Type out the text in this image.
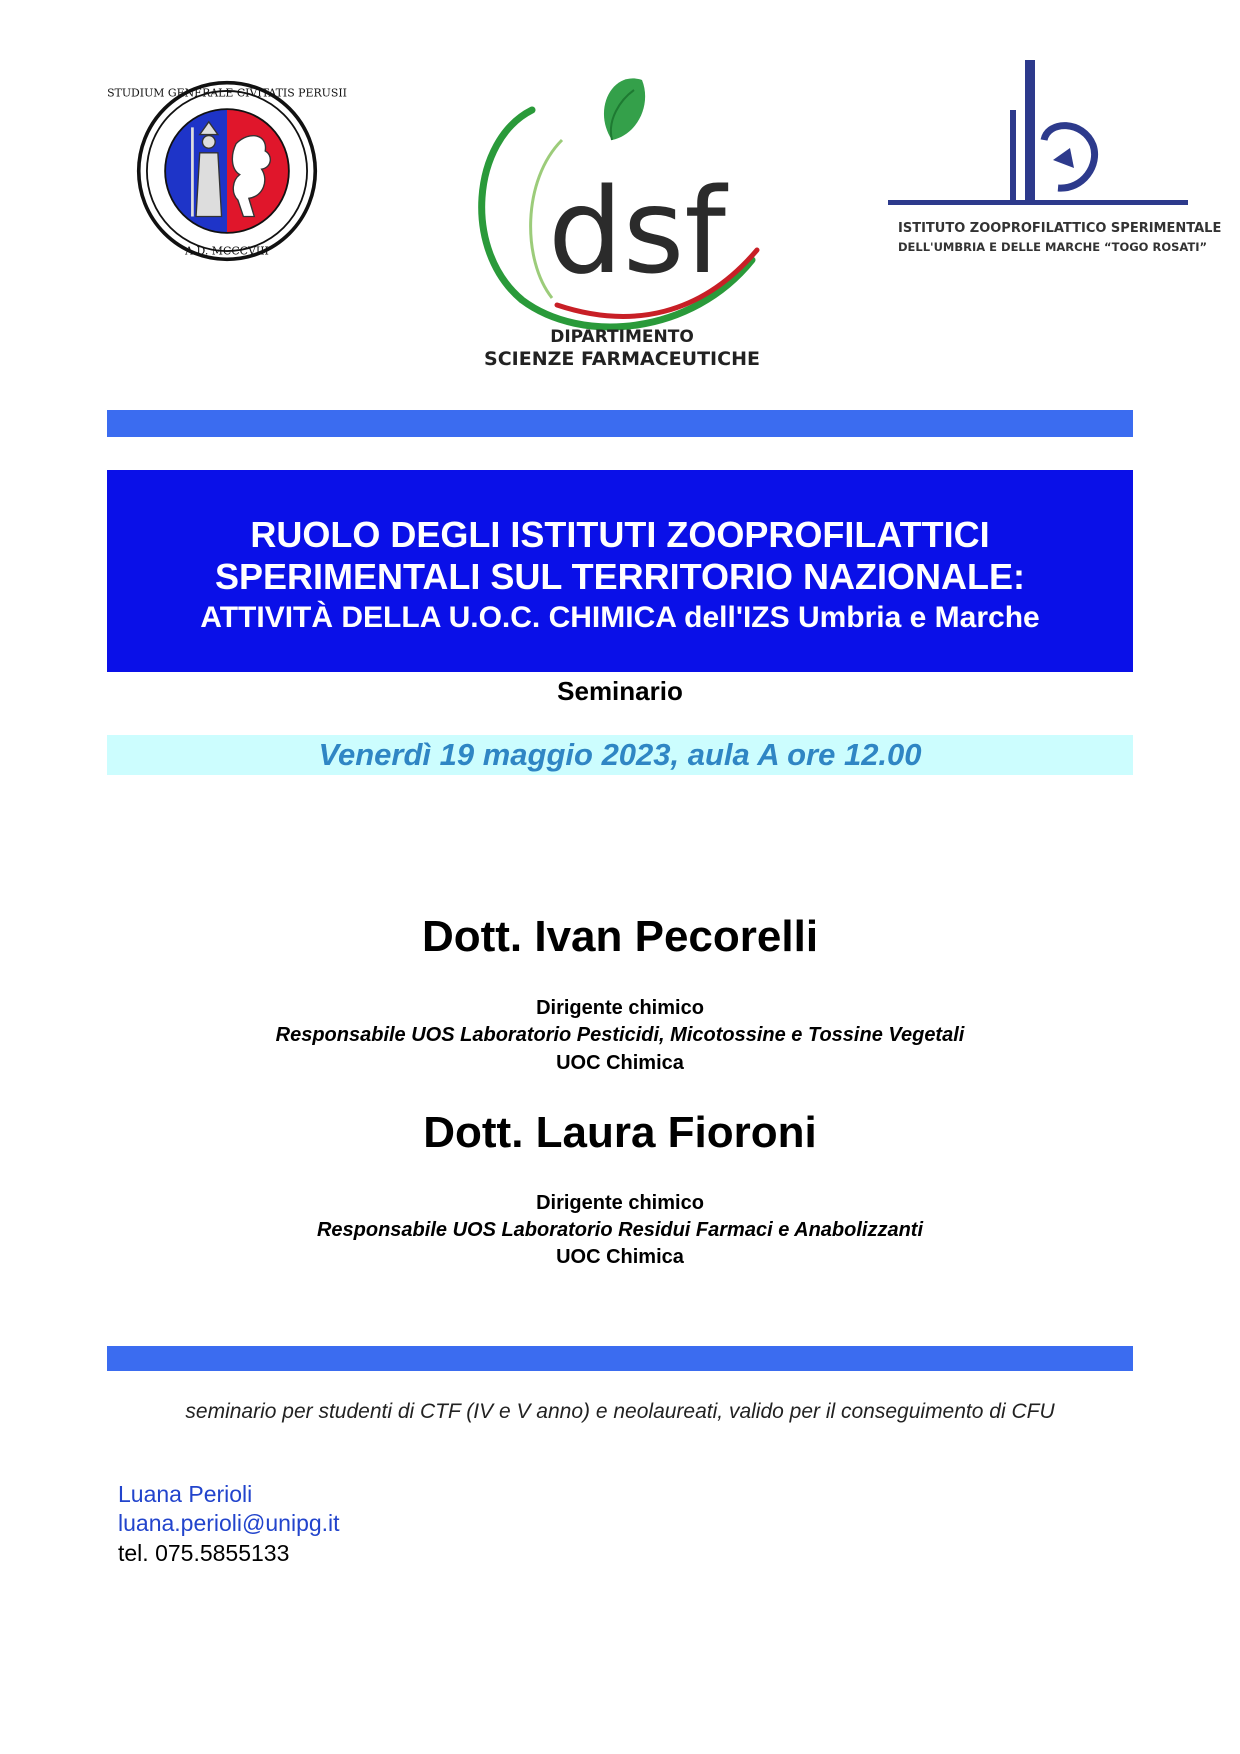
STUDIUM GENERALE CIVITATIS PERUSII
A.D. MCCCVIII dsf
DIPARTIMENTO
SCIENZE FARMACEUTICHE
ISTITUTO ZOOPROFILATTICO SPERIMENTALE
DELL'UMBRIA E DELLE MARCHE “TOGO ROSATI”
RUOLO DEGLI ISTITUTI ZOOPROFILATTICI
SPERIMENTALI SUL TERRITORIO NAZIONALE:
ATTIVITÀ DELLA U.O.C. CHIMICA dell'IZS Umbria e Marche
Seminario
Venerdì 19 maggio 2023, aula A ore 12.00
Dott. Ivan Pecorelli
Dirigente chimico
Responsabile UOS Laboratorio Pesticidi, Micotossine e Tossine Vegetali
UOC Chimica
Dott. Laura Fioroni
Dirigente chimico
Responsabile UOS Laboratorio Residui Farmaci e Anabolizzanti
UOC Chimica
seminario per studenti di CTF (IV e V anno) e neolaureati, valido per il conseguimento di CFU
Luana Perioli
luana.perioli@unipg.it
tel. 075.5855133
